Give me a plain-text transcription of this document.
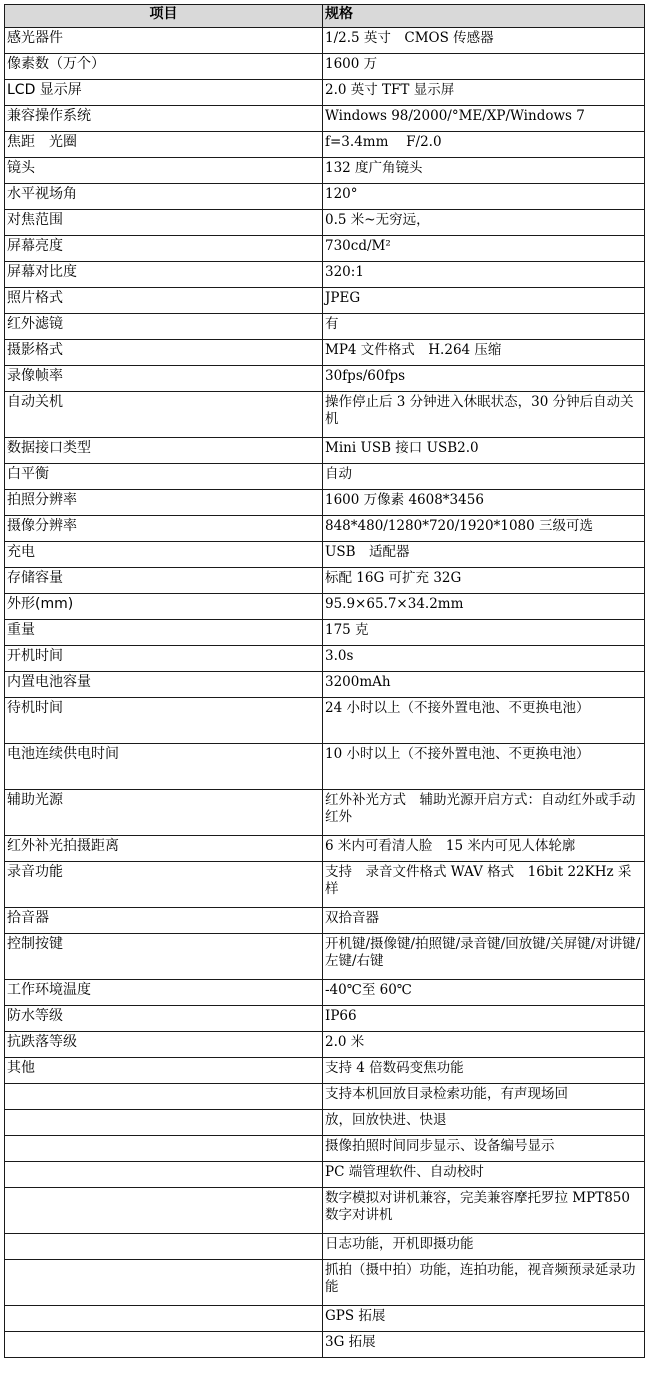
项目	规格
感光器件	1/2.5 英寸　CMOS 传感器
像素数（万个）	1600 万
LCD 显示屏	2.0 英寸 TFT 显示屏
兼容操作系统	Windows 98/2000/°ME/XP/Windows 7
焦距　光圈	f=3.4mm　 F/2.0
镜头	132 度广角镜头
水平视场角	120°
对焦范围	0.5 米~无穷远，
屏幕亮度	730cd/M²
屏幕对比度	320:1
照片格式	JPEG
红外滤镜	有
摄影格式	MP4 文件格式　H.264 压缩
录像帧率	30fps/60fps
自动关机	操作停止后 3 分钟进入休眠状态，30 分钟后自动关机
数据接口类型	Mini USB 接口 USB2.0
白平衡	自动
拍照分辨率	1600 万像素 4608*3456
摄像分辨率	848*480/1280*720/1920*1080 三级可选
充电	USB　适配器
存储容量	标配 16G 可扩充 32G
外形(mm)	95.9×65.7×34.2mm
重量	175 克
开机时间	3.0s
内置电池容量	3200mAh
待机时间	24 小时以上（不接外置电池、不更换电池）
电池连续供电时间	10 小时以上（不接外置电池、不更换电池）
辅助光源	红外补光方式　辅助光源开启方式：自动红外或手动红外
红外补光拍摄距离	6 米内可看清人脸　15 米内可见人体轮廓
录音功能	支持　录音文件格式 WAV 格式　16bit 22KHz 采样
拾音器	双拾音器
控制按键	开机键/摄像键/拍照键/录音键/回放键/关屏键/对讲键/左键/右键
工作环境温度	-40℃至 60℃
防水等级	IP66
抗跌落等级	2.0 米
其他	支持 4 倍数码变焦功能
	支持本机回放目录检索功能，有声现场回
	放，回放快进、快退
	摄像拍照时间同步显示、设备编号显示
	PC 端管理软件、自动校时
	数字模拟对讲机兼容，完美兼容摩托罗拉 MPT850 数字对讲机
	日志功能，开机即摄功能
	抓拍（摄中拍）功能，连拍功能，视音频预录延录功能
	GPS 拓展
	3G 拓展
